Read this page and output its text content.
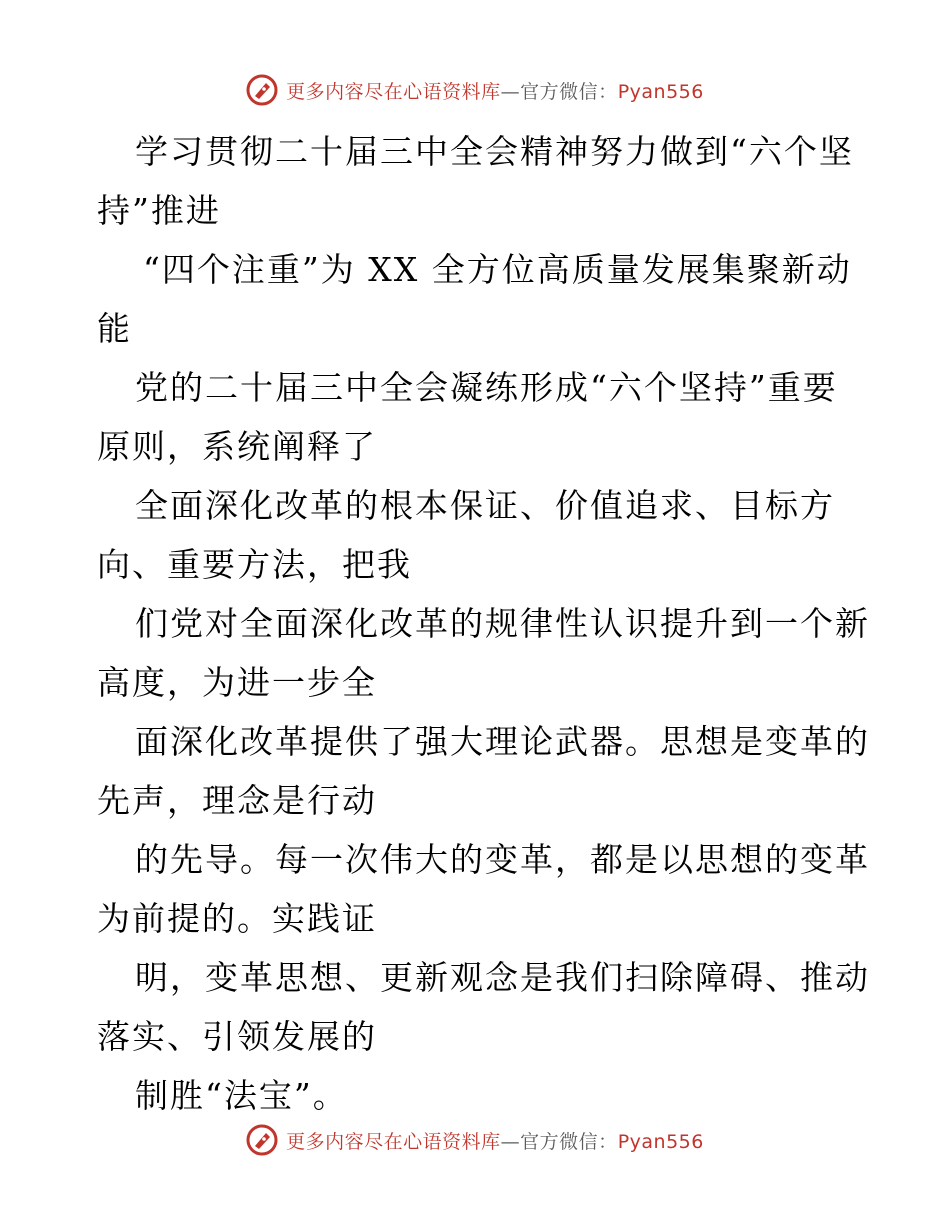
更多内容尽在心语资料库—官方微信：Pyan556
学习贯彻二十届三中全会精神努力做到“六个坚
持”推进
“四个注重”为 XX 全方位高质量发展集聚新动
能
党的二十届三中全会凝练形成“六个坚持”重要
原则，系统阐释了
全面深化改革的根本保证、价值追求、目标方
向、重要方法，把我
们党对全面深化改革的规律性认识提升到一个新
高度，为进一步全
面深化改革提供了强大理论武器。思想是变革的
先声，理念是行动
的先导。每一次伟大的变革，都是以思想的变革
为前提的。实践证
明，变革思想、更新观念是我们扫除障碍、推动
落实、引领发展的
制胜“法宝”。
更多内容尽在心语资料库—官方微信：Pyan556
